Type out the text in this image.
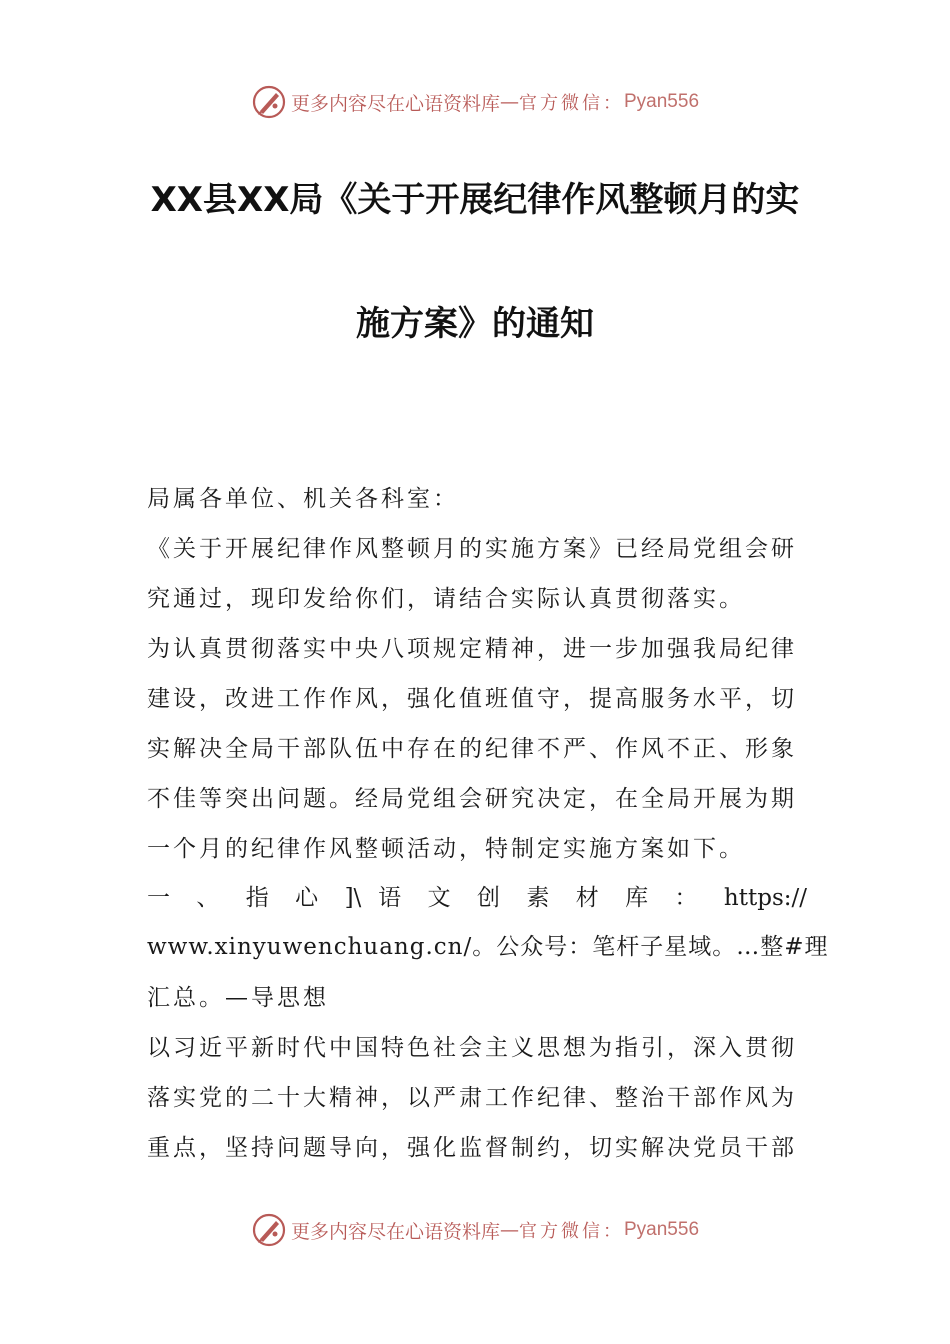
更多内容尽在心语资料库 — 官方微信： Pyan556
XX县XX局《关于开展纪律作风整顿月的实
施方案》的通知
局属各单位、机关各科室：
《关于开展纪律作风整顿月的实施方案》已经局党组会研
究通过，现印发给你们，请结合实际认真贯彻落实。
为认真贯彻落实中央八项规定精神，进一步加强我局纪律
建设，改进工作作风，强化值班值守，提高服务水平，切
实解决全局干部队伍中存在的纪律不严、作风不正、形象
不佳等突出问题。经局党组会研究决定，在全局开展为期
一个月的纪律作风整顿活动，特制定实施方案如下。
一 、 指 心 ]\ 语 文 创 素 材 库 ： https://
www.xinyuwenchuang.cn/。公众号：笔杆子星域。…整#理
汇总。—导思想
以习近平新时代中国特色社会主义思想为指引，深入贯彻
落实党的二十大精神，以严肃工作纪律、整治干部作风为
重点，坚持问题导向，强化监督制约，切实解决党员干部
更多内容尽在心语资料库 — 官方微信： Pyan556
